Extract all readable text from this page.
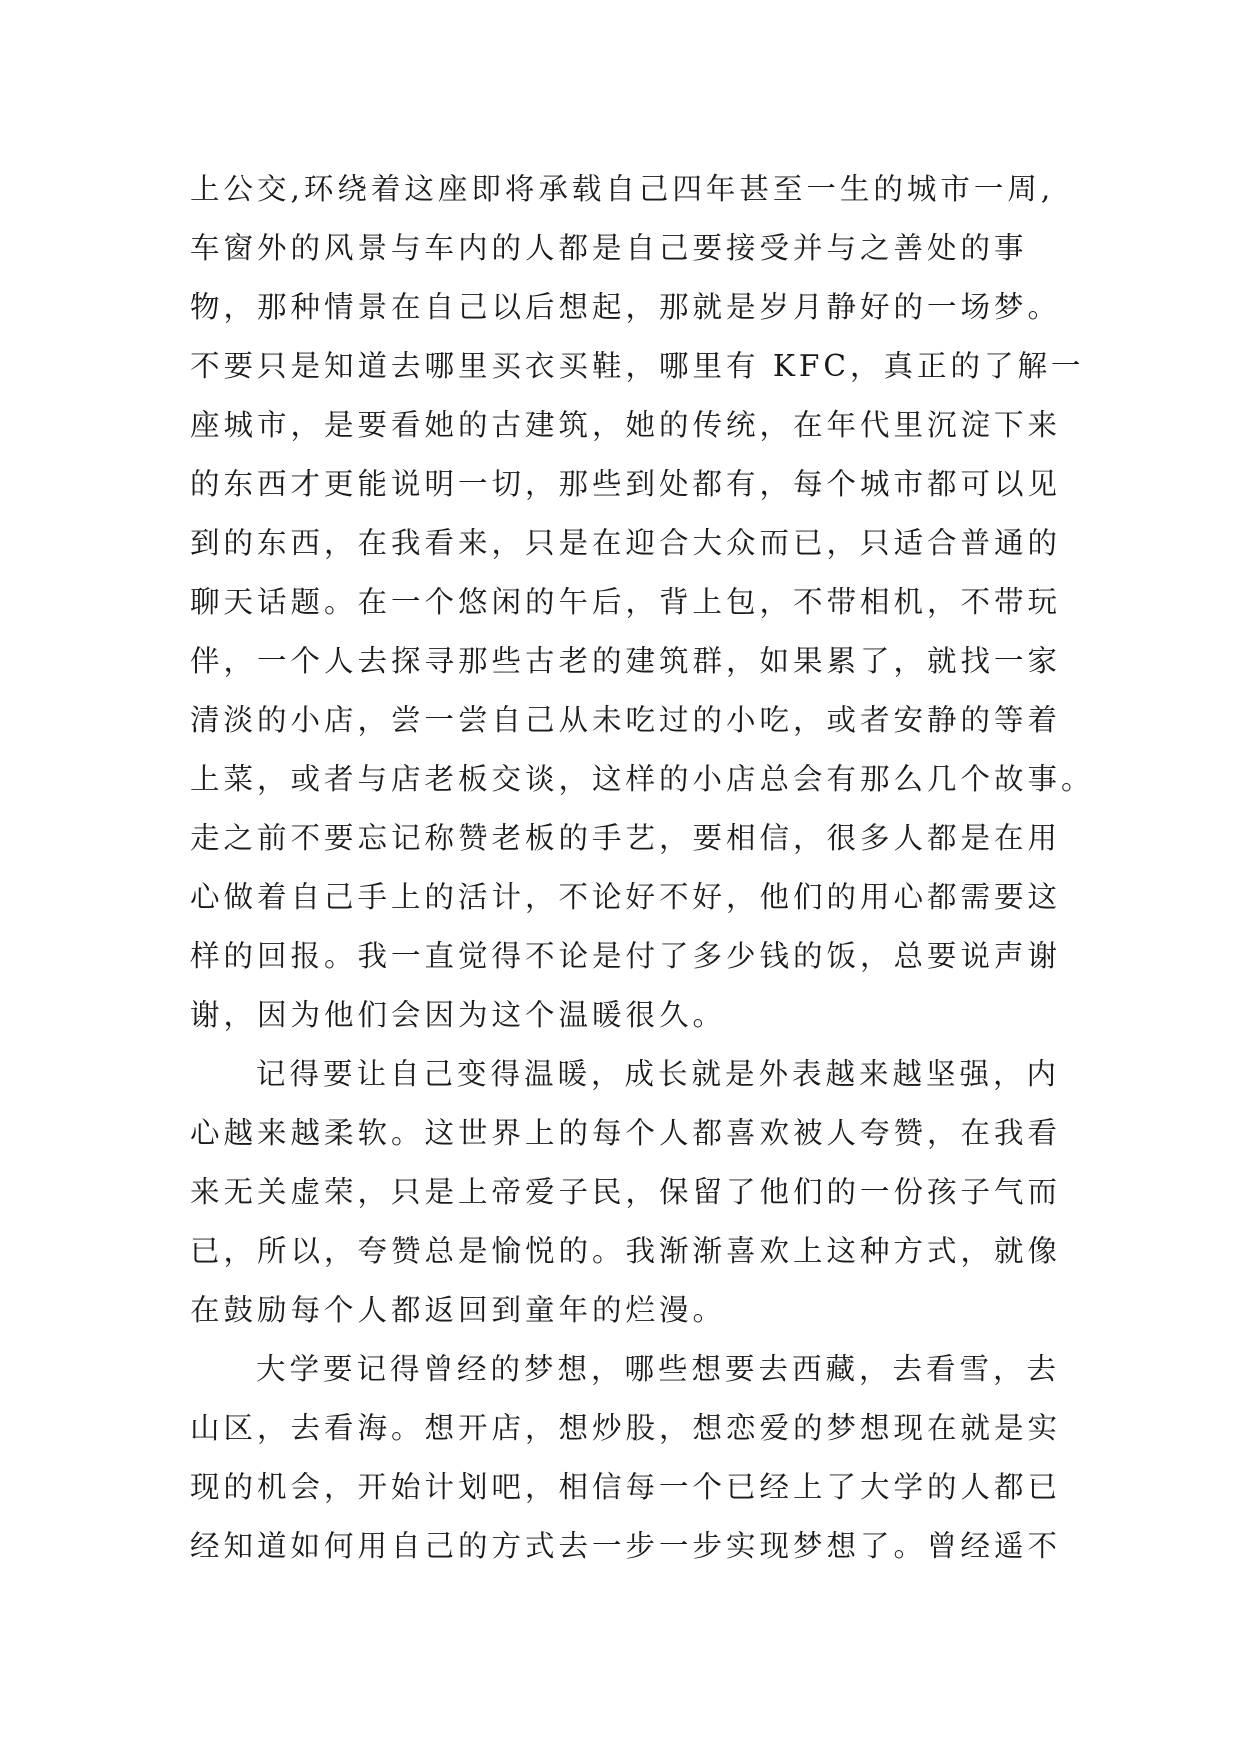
上公交,环绕着这座即将承载自己四年甚至一生的城市一周,
车窗外的风景与车内的人都是自己要接受并与之善处的事
物，那种情景在自己以后想起，那就是岁月静好的一场梦。
不要只是知道去哪里买衣买鞋，哪里有 KFC，真正的了解一
座城市，是要看她的古建筑，她的传统，在年代里沉淀下来
的东西才更能说明一切，那些到处都有，每个城市都可以见
到的东西，在我看来，只是在迎合大众而已，只适合普通的
聊天话题。在一个悠闲的午后，背上包，不带相机，不带玩
伴，一个人去探寻那些古老的建筑群，如果累了，就找一家
清淡的小店，尝一尝自己从未吃过的小吃，或者安静的等着
上菜，或者与店老板交谈，这样的小店总会有那么几个故事。
走之前不要忘记称赞老板的手艺，要相信，很多人都是在用
心做着自己手上的活计，不论好不好，他们的用心都需要这
样的回报。我一直觉得不论是付了多少钱的饭，总要说声谢
谢，因为他们会因为这个温暖很久。
记得要让自己变得温暖，成长就是外表越来越坚强，内
心越来越柔软。这世界上的每个人都喜欢被人夸赞，在我看
来无关虚荣，只是上帝爱子民，保留了他们的一份孩子气而
已，所以，夸赞总是愉悦的。我渐渐喜欢上这种方式，就像
在鼓励每个人都返回到童年的烂漫。
大学要记得曾经的梦想，哪些想要去西藏，去看雪，去
山区，去看海。想开店，想炒股，想恋爱的梦想现在就是实
现的机会，开始计划吧，相信每一个已经上了大学的人都已
经知道如何用自己的方式去一步一步实现梦想了。曾经遥不
